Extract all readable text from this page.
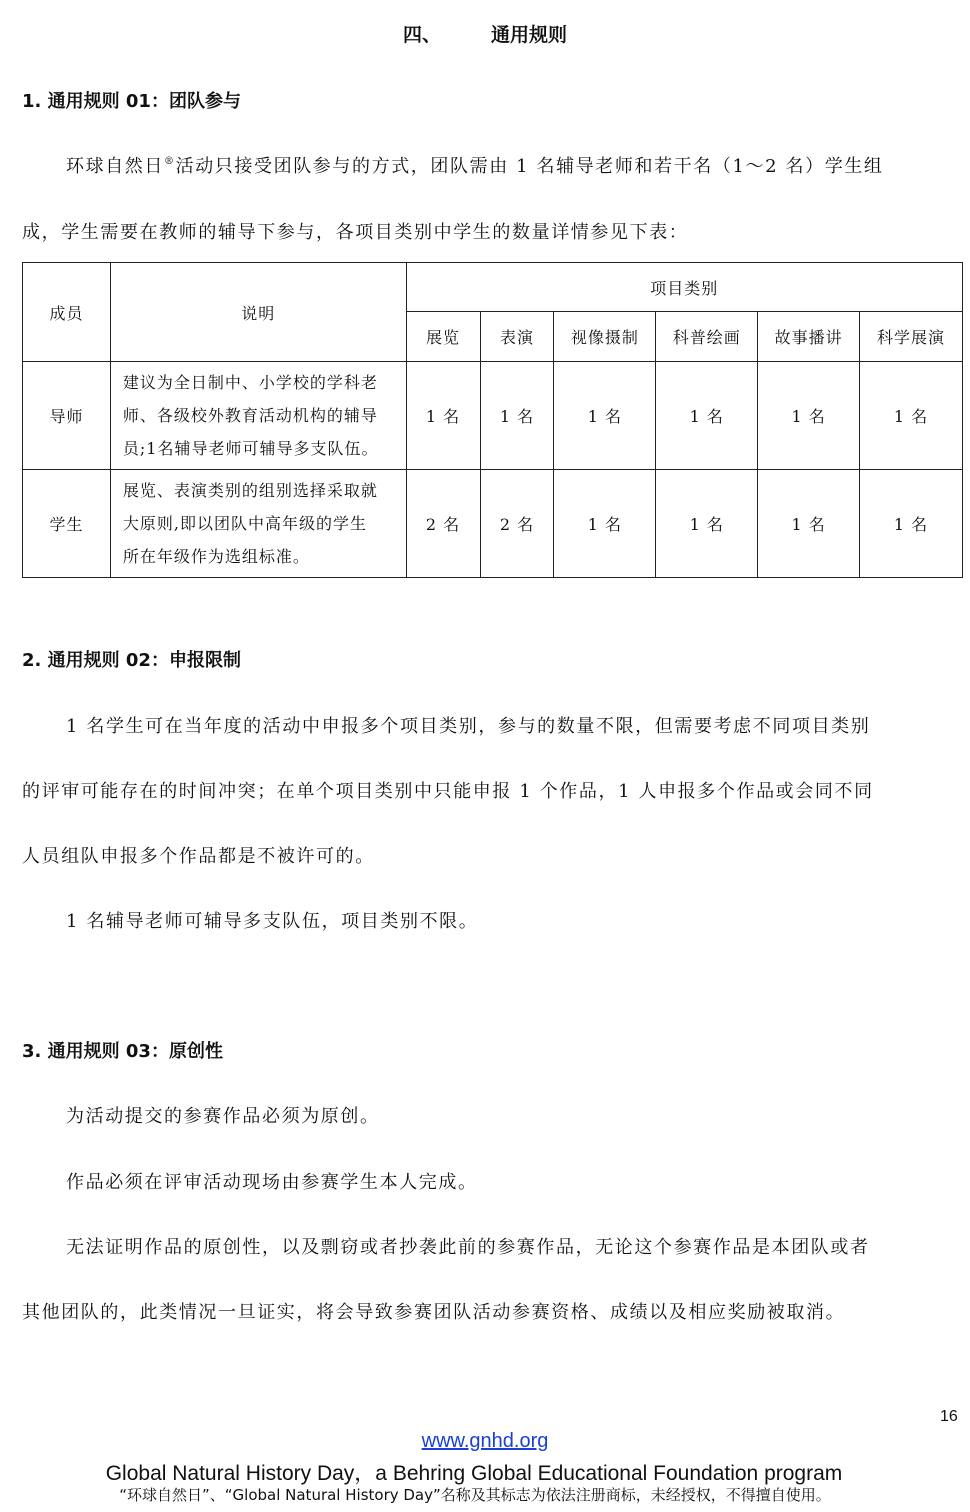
四、	通用规则
1. 通用规则 01：团队参与
环球自然日®活动只接受团队参与的方式，团队需由 1 名辅导老师和若干名（1～2 名）学生组
成，学生需要在教师的辅导下参与，各项目类别中学生的数量详情参见下表：
成员	说明	项目类别					
		展览	表演	视像摄制	科普绘画	故事播讲	科学展演
导师	建议为全日制中、小学校的学科老
师、各级校外教育活动机构的辅导
员;1名辅导老师可辅导多支队伍。	1 名	1 名	1 名	1 名	1 名	1 名
学生	展览、表演类别的组别选择采取就
大原则,即以团队中高年级的学生
所在年级作为选组标准。	2 名	2 名	1 名	1 名	1 名	1 名
2. 通用规则 02：申报限制
1 名学生可在当年度的活动中申报多个项目类别，参与的数量不限，但需要考虑不同项目类别
的评审可能存在的时间冲突；在单个项目类别中只能申报 1 个作品，1 人申报多个作品或会同不同
人员组队申报多个作品都是不被许可的。
1 名辅导老师可辅导多支队伍，项目类别不限。
3. 通用规则 03：原创性
为活动提交的参赛作品必须为原创。
作品必须在评审活动现场由参赛学生本人完成。
无法证明作品的原创性，以及剽窃或者抄袭此前的参赛作品，无论这个参赛作品是本团队或者
其他团队的，此类情况一旦证实，将会导致参赛团队活动参赛资格、成绩以及相应奖励被取消。
16
www.gnhd.org
Global Natural History Day，a Behring Global Educational Foundation program
“环球自然日”、“Global Natural History Day”名称及其标志为依法注册商标，未经授权，不得擅自使用。
